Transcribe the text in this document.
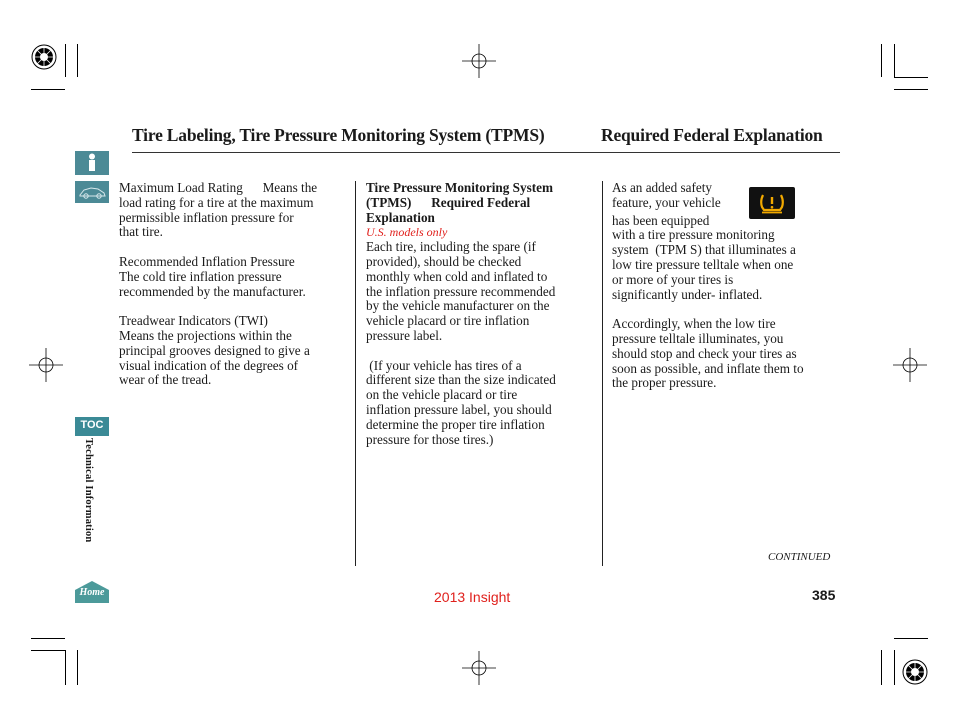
Tire Labeling, Tire Pressure Monitoring System (TPMS)	Required Federal Explanation
TOC
Technical Information
Home

Maximum Load Rating      Means the

load rating for a tire at the maximum

permissible inflation pressure for

that tire.

Recommended Inflation Pressure

The cold tire inflation pressure

recommended by the manufacturer.

Treadwear Indicators (TWI)

Means the projections within the

principal grooves designed to give a

visual indication of the degrees of

wear of the tread.

Tire Pressure Monitoring System

(TPMS)      Required Federal

Explanation

U.S. models only

Each tire, including the spare (if

provided), should be checked

monthly when cold and inflated to

the inflation pressure recommended

by the vehicle manufacturer on the

vehicle placard or tire inflation

pressure label.

(If your vehicle has tires of a

different size than the size indicated

on the vehicle placard or tire

inflation pressure label, you should

determine the proper tire inflation

pressure for those tires.)

As an added safety

feature, your vehicle

has been equipped

with a tire pressure monitoring

system  (TPM S) that illuminates a

low tire pressure telltale when one

or more of your tires is

significantly under- inflated.

Accordingly, when the low tire

pressure telltale illuminates, you

should stop and check your tires as

soon as possible, and inflate them to

the proper pressure.

CONTINUED
2013 Insight	385
